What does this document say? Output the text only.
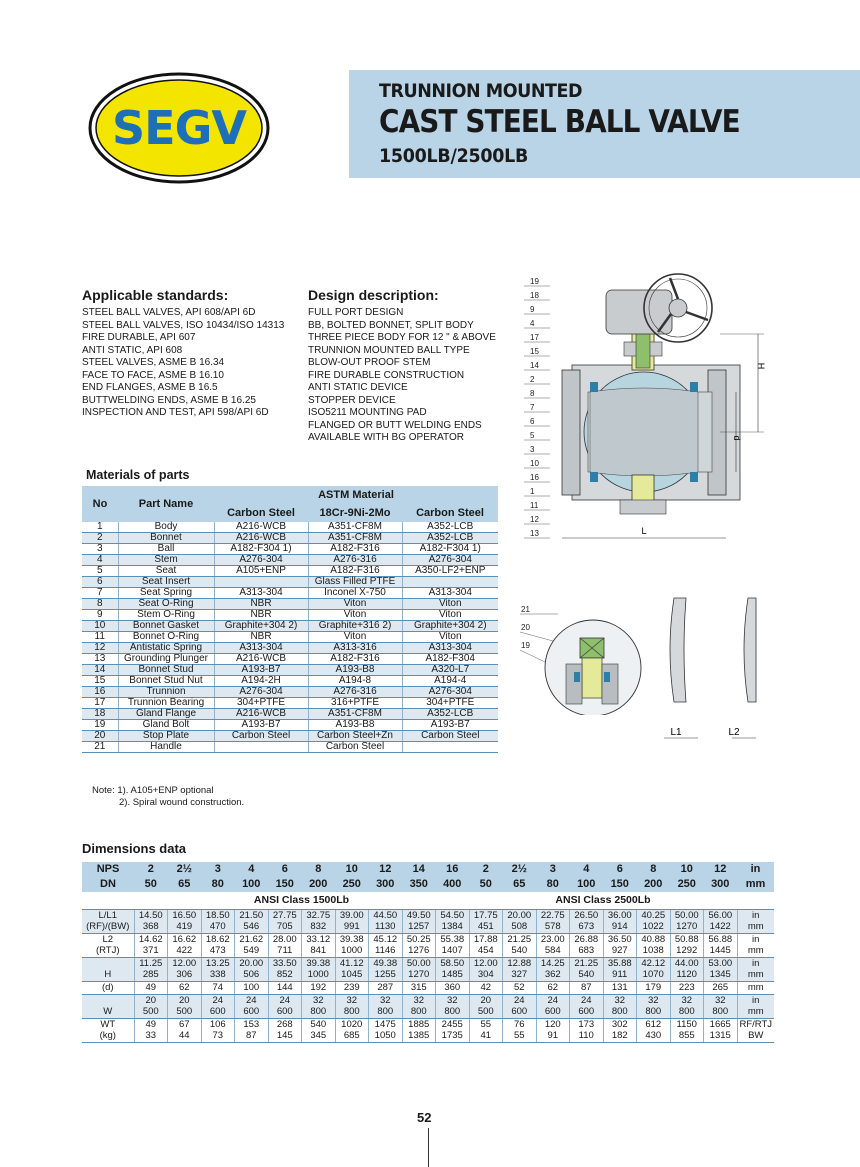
SEGV
TRUNNION MOUNTED
CAST STEEL BALL VALVE
1500LB/2500LB
Applicable standards:
STEEL BALL VALVES, API 608/API 6D
STEEL BALL VALVES, ISO 10434/ISO 14313
FIRE DURABLE, API 607
ANTI STATIC, API 608
STEEL VALVES, ASME B 16.34
FACE TO FACE, ASME B 16.10
END FLANGES, ASME B 16.5
BUTTWELDING ENDS, ASME B 16.25
INSPECTION AND TEST, API 598/API 6D
Design description:
FULL PORT DESIGN
BB, BOLTED BONNET, SPLIT BODY
THREE PIECE BODY FOR 12 " & ABOVE
TRUNNION MOUNTED BALL TYPE
BLOW-OUT PROOF STEM
FIRE DURABLE CONSTRUCTION
ANTI STATIC DEVICE
STOPPER DEVICE
ISO5211 MOUNTING PAD
FLANGED OR BUTT WELDING ENDS
AVAILABLE WITH BG OPERATOR
19
18
9
4
17
15
14
2
8
7
6
5
3
10
16
1
11
12
13
H
d
L
21
20
19
L1	L2
Materials of parts
No	Part Name	ASTM Material		
		Carbon Steel	18Cr-9Ni-2Mo	Carbon Steel
1	Body	A216-WCB	A351-CF8M	A352-LCB
2	Bonnet	A216-WCB	A351-CF8M	A352-LCB
3	Ball	A182-F304 1)	A182-F316	A182-F304 1)
4	Stem	A276-304	A276-316	A276-304
5	Seat	A105+ENP	A182-F316	A350-LF2+ENP
6	Seat Insert		Glass Filled PTFE	
7	Seat Spring	A313-304	Inconel X-750	A313-304
8	Seat O-Ring	NBR	Viton	Viton
9	Stem O-Ring	NBR	Viton	Viton
10	Bonnet Gasket	Graphite+304 2)	Graphite+316 2)	Graphite+304 2)
11	Bonnet O-Ring	NBR	Viton	Viton
12	Antistatic Spring	A313-304	A313-316	A313-304
13	Grounding Plunger	A216-WCB	A182-F316	A182-F304
14	Bonnet Stud	A193-B7	A193-B8	A320-L7
15	Bonnet Stud Nut	A194-2H	A194-8	A194-4
16	Trunnion	A276-304	A276-316	A276-304
17	Trunnion Bearing	304+PTFE	316+PTFE	304+PTFE
18	Gland Flange	A216-WCB	A351-CF8M	A352-LCB
19	Gland Bolt	A193-B7	A193-B8	A193-B7
20	Stop Plate	Carbon Steel	Carbon Steel+Zn	Carbon Steel
21	Handle		Carbon Steel	
Note: 1). A105+ENP optional
2). Spiral wound construction.
Dimensions data
NPS	2	2½	3	4	6	8	10	12	14	16	2	2½	3	4	6	8	10	12	in
DN	50	65	80	100	150	200	250	300	350	400	50	65	80	100	150	200	250	300	mm
	ANSI Class 1500Lb										ANSI Class 2500Lb								
L/L1	14.50	16.50	18.50	21.50	27.75	32.75	39.00	44.50	49.50	54.50	17.75	20.00	22.75	26.50	36.00	40.25	50.00	56.00	in
(RF)/(BW)	368	419	470	546	705	832	991	1130	1257	1384	451	508	578	673	914	1022	1270	1422	mm
L2	14.62	16.62	18.62	21.62	28.00	33.12	39.38	45.12	50.25	55.38	17.88	21.25	23.00	26.88	36.50	40.88	50.88	56.88	in
(RTJ)	371	422	473	549	711	841	1000	1146	1276	1407	454	540	584	683	927	1038	1292	1445	mm
	11.25	12.00	13.25	20.00	33.50	39.38	41.12	49.38	50.00	58.50	12.00	12.88	14.25	21.25	35.88	42.12	44.00	53.00	in
H	285	306	338	506	852	1000	1045	1255	1270	1485	304	327	362	540	911	1070	1120	1345	mm
(d)	49	62	74	100	144	192	239	287	315	360	42	52	62	87	131	179	223	265	mm
	20	20	24	24	24	32	32	32	32	32	20	24	24	24	32	32	32	32	in
W	500	500	600	600	600	800	800	800	800	800	500	600	600	600	800	800	800	800	mm
WT	49	67	106	153	268	540	1020	1475	1885	2455	55	76	120	173	302	612	1150	1665	RF/RTJ
(kg)	33	44	73	87	145	345	685	1050	1385	1735	41	55	91	110	182	430	855	1315	BW
52
